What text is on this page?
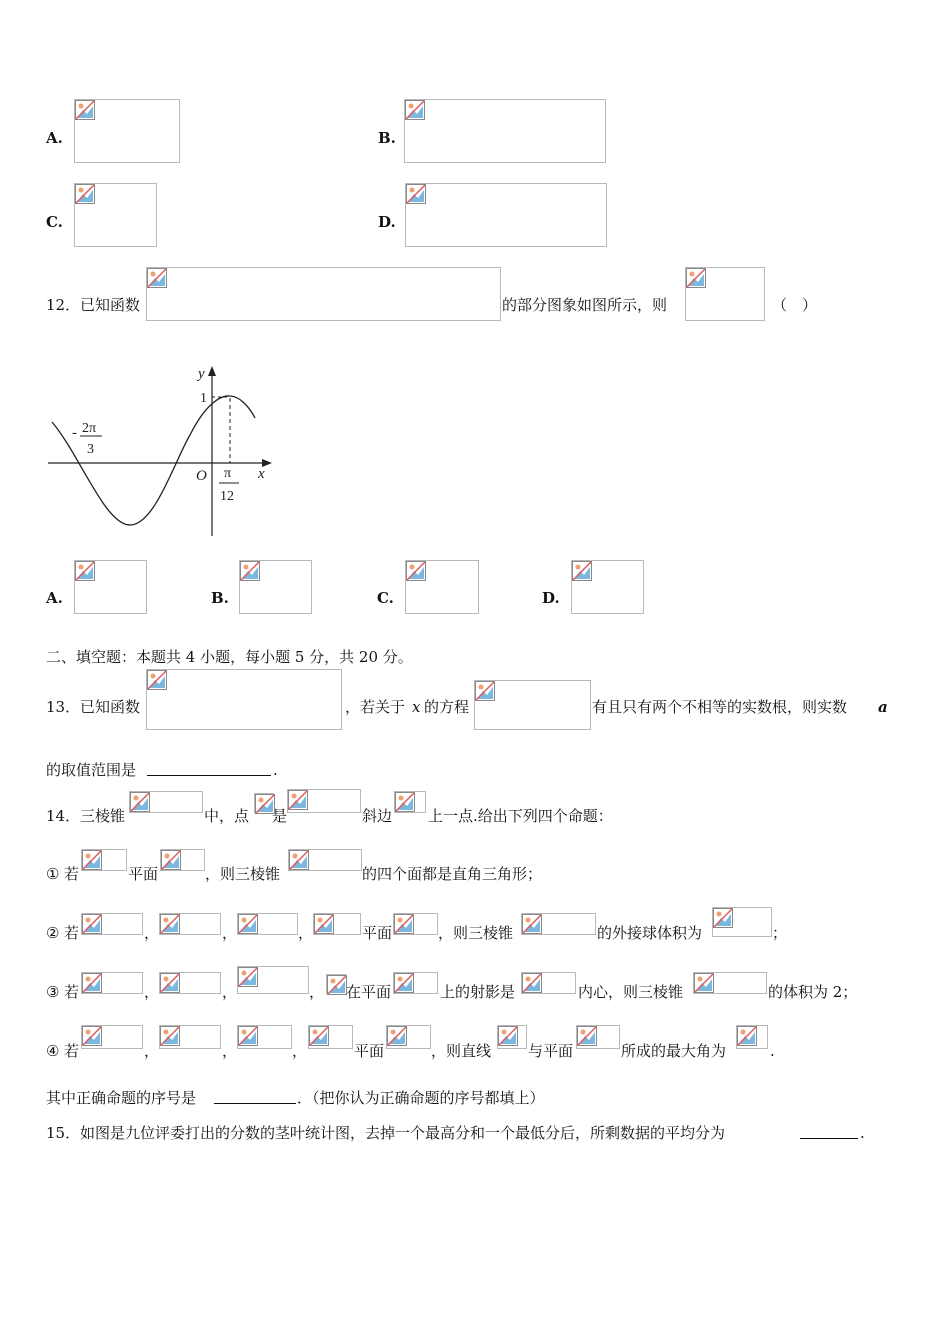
A.	B.
C.	D.
12． 已知函数	的部分图象如图所示，则	（　）
y
1
x
O
- 2π
3
π
12
A.	B.	C.	D.
二、填空题：本题共 4 小题，每小题 5 分，共 20 分。
13． 已知函数	，若关于 x 的方程	有且只有两个不相等的实数根，则实数 a
的取值范围是	.
14． 三棱锥	中，点 是	斜边 上一点.给出下列四个命题：
① 若	平面	，则三棱锥	的四个面都是直角三角形；
② 若	，	，	，	平面	，则三棱锥	的外接球体积为	；
③ 若	，	，	， 在平面	上的射影是	内心，则三棱锥	的体积为 2；
④ 若	，	，	，	平面	，则直线 与平面	所成的最大角为	.
其中正确命题的序号是	．（把你认为正确命题的序号都填上）
15． 如图是九位评委打出的分数的茎叶统计图，去掉一个最高分和一个最低分后，所剩数据的平均分为	.
